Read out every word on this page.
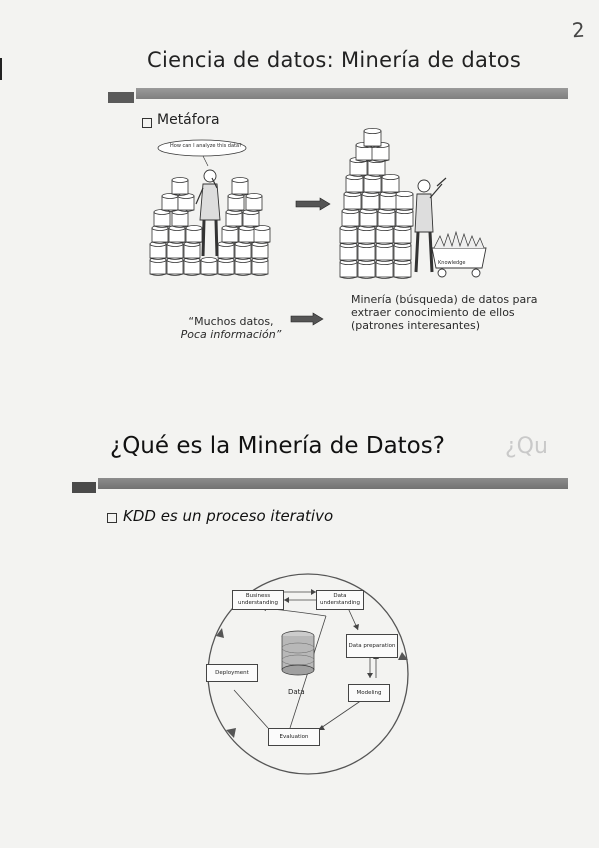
2
Ciencia de datos: Minería de datos
Metáfora
How can I analyze this data?
Knowledge
“Muchos datos,
Poca información”
Minería (búsqueda) de datos para
extraer conocimiento de ellos
(patrones interesantes)
¿Qué es la Minería de Datos?	¿Qu
KDD es un proceso iterativo
Business understanding
Data understanding
Data preparation
Modeling
Evaluation
Deployment
Data
